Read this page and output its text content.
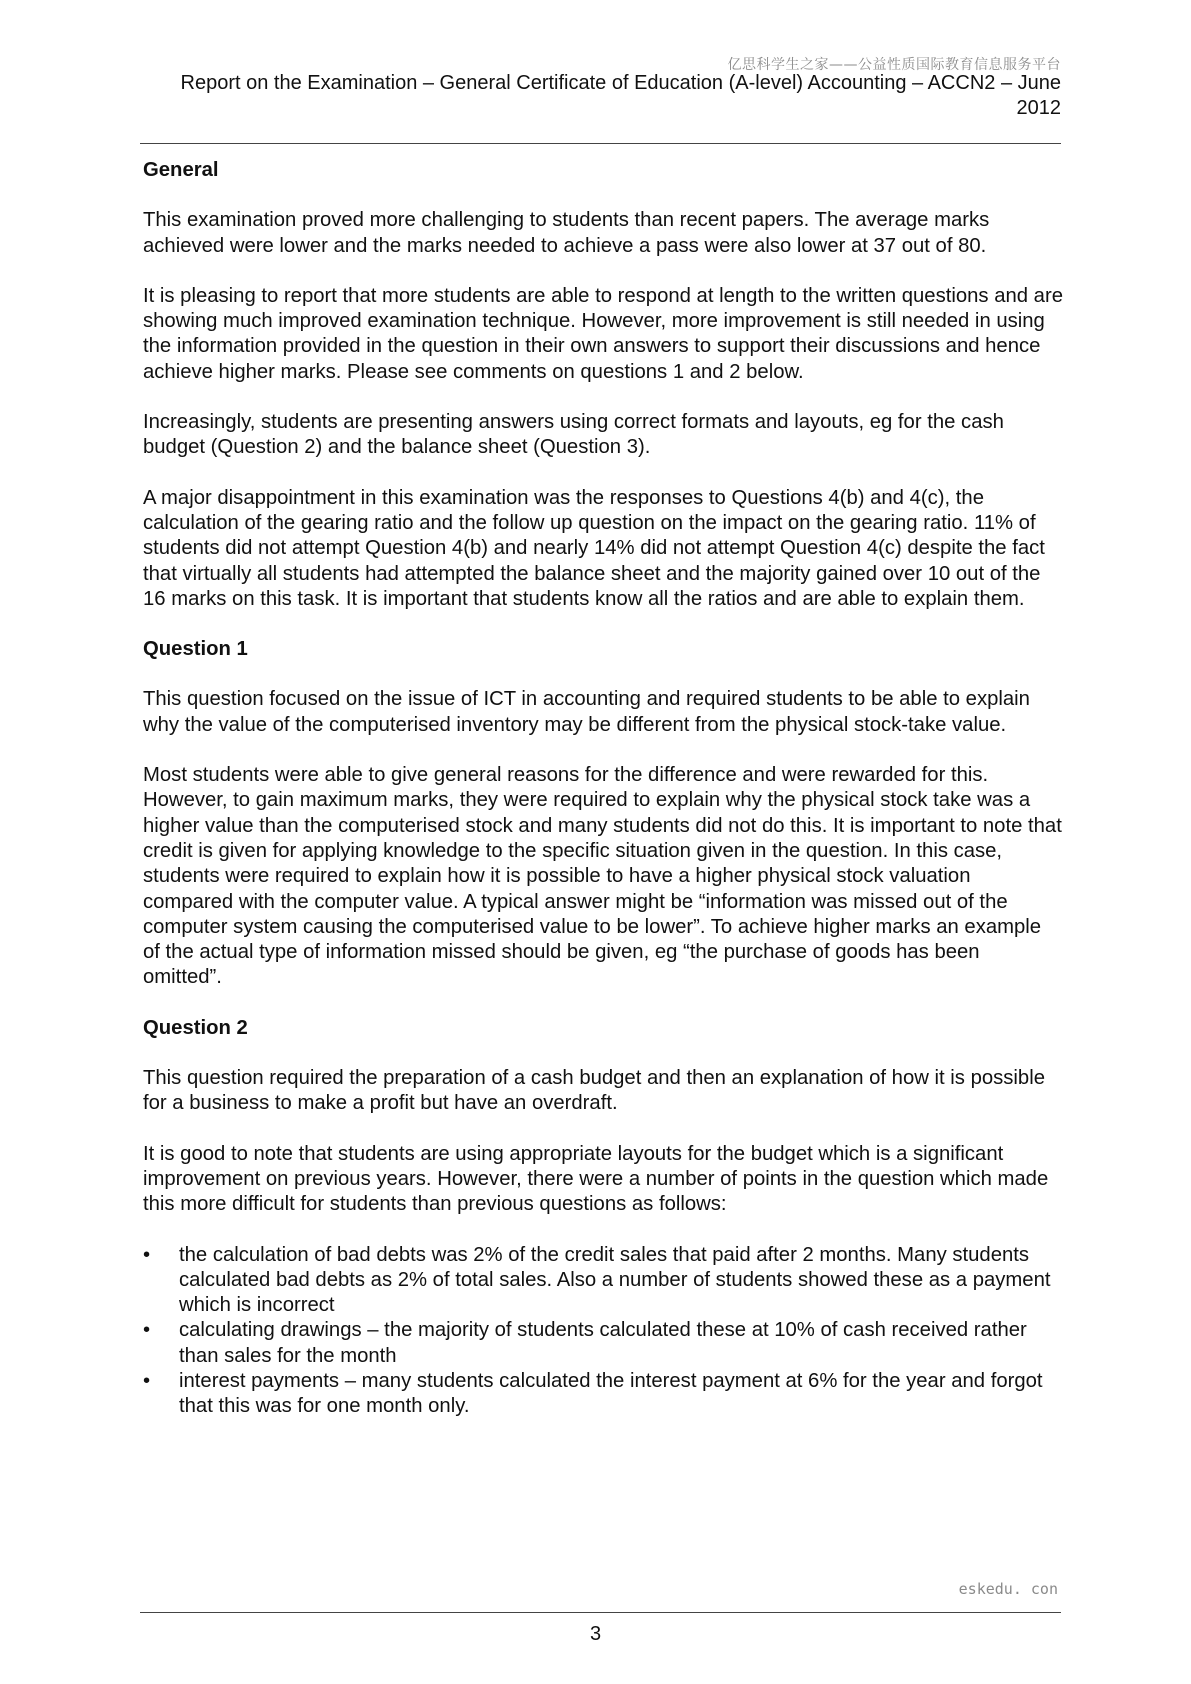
亿思科学生之家——公益性质国际教育信息服务平台
Report on the Examination – General Certificate of Education (A-level) Accounting – ACCN2 – June
2012
General

This examination proved more challenging to students than recent papers. The average marks achieved were lower and the marks needed to achieve a pass were also lower at 37 out of 80.

It is pleasing to report that more students are able to respond at length to the written questions and are showing much improved examination technique. However, more improvement is still needed in using the information provided in the question in their own answers to support their discussions and hence achieve higher marks. Please see comments on questions 1 and 2 below.

Increasingly, students are presenting answers using correct formats and layouts, eg for the cash budget (Question 2) and the balance sheet (Question 3).

A major disappointment in this examination was the responses to Questions 4(b) and 4(c), the calculation of the gearing ratio and the follow up question on the impact on the gearing ratio. 11% of students did not attempt Question 4(b) and nearly 14% did not attempt Question 4(c) despite the fact that virtually all students had attempted the balance sheet and the majority gained over 10 out of the 16 marks on this task. It is important that students know all the ratios and are able to explain them.

Question 1

This question focused on the issue of ICT in accounting and required students to be able to explain why the value of the computerised inventory may be different from the physical stock-take value.

Most students were able to give general reasons for the difference and were rewarded for this. However, to gain maximum marks, they were required to explain why the physical stock take was a higher value than the computerised stock and many students did not do this. It is important to note that credit is given for applying knowledge to the specific situation given in the question. In this case, students were required to explain how it is possible to have a higher physical stock valuation compared with the computer value. A typical answer might be “information was missed out of the computer system causing the computerised value to be lower”. To achieve higher marks an example of the actual type of information missed should be given, eg “the purchase of goods has been omitted”.

Question 2

This question required the preparation of a cash budget and then an explanation of how it is possible for a business to make a profit but have an overdraft.

It is good to note that students are using appropriate layouts for the budget which is a significant improvement on previous years. However, there were a number of points in the question which made this more difficult for students than previous questions as follows:

• the calculation of bad debts was 2% of the credit sales that paid after 2 months. Many students calculated bad debts as 2% of total sales. Also a number of students showed these as a payment which is incorrect
• calculating drawings – the majority of students calculated these at 10% of cash received rather than sales for the month
• interest payments – many students calculated the interest payment at 6% for the year and forgot that this was for one month only.
eskedu. con
3
